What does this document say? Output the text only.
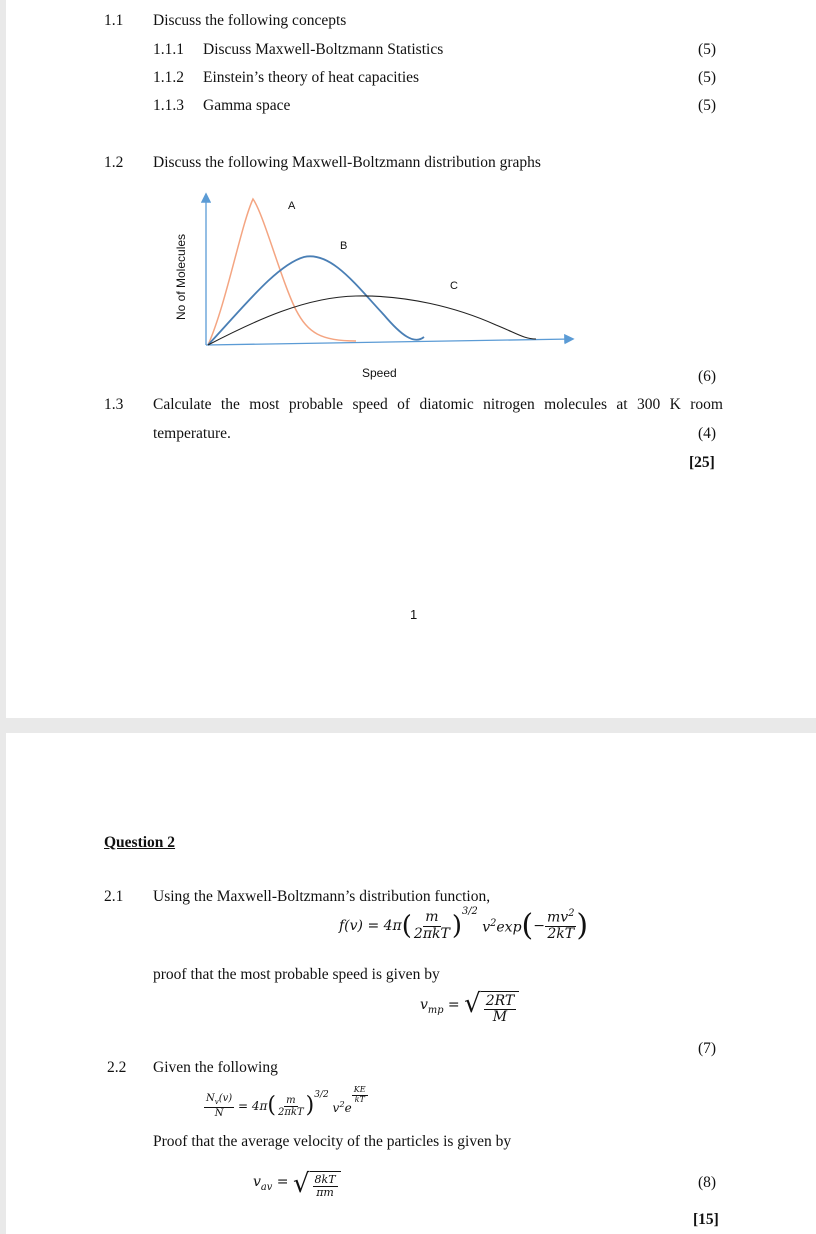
1.1 Discuss the following concepts
1.1.1 Discuss Maxwell-Boltzmann Statistics	(5)
1.1.2 Einstein’s theory of heat capacities	(5)
1.1.3 Gamma space	(5)
1.2 Discuss the following Maxwell-Boltzmann distribution graphs
A
B
C
No of Molecules
Speed	(6)
1.3 Calculate the most probable speed of diatomic nitrogen molecules at 300 K room
temperature.	(4)
[25]
1
Question 2
2.1 Using the Maxwell-Boltzmann’s distribution function,
f(v) = 4π ( $\frac{m}{\text{2πkT}} )^{3/2}$
$v^2\exp$ ( − $\frac{mv^2}{2kT}$ )
proof that the most probable speed is given by
$v_{mp}$ = √ $\frac{2RT}{M}$
(7)
2.2 Given the following
$\frac{N_v(v)}{N} = 4\pi$ ( $\frac{m}{\text{2πkT}} )^{3/2}$
$v^2e$
$^{\frac{KE}{kT}}$
Proof that the average velocity of the particles is given by
$v_{av}$ = √ $\frac{8kT}{\pi m}$	(8)
[15]
